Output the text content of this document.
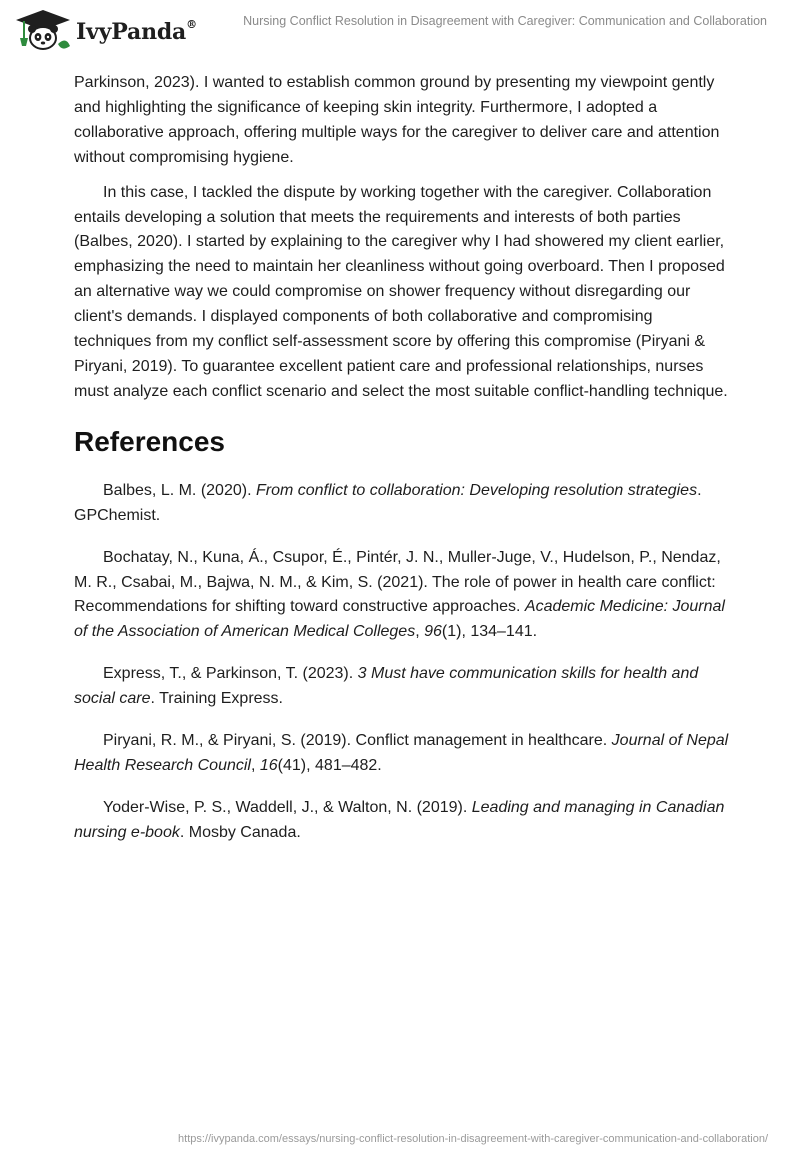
IvyPanda®	Nursing Conflict Resolution in Disagreement with Caregiver: Communication and Collaboration

Parkinson, 2023). I wanted to establish common ground by presenting my viewpoint gently and highlighting the significance of keeping skin integrity. Furthermore, I adopted a collaborative approach, offering multiple ways for the caregiver to deliver care and attention without compromising hygiene.

In this case, I tackled the dispute by working together with the caregiver. Collaboration entails developing a solution that meets the requirements and interests of both parties (Balbes, 2020). I started by explaining to the caregiver why I had showered my client earlier, emphasizing the need to maintain her cleanliness without going overboard. Then I proposed an alternative way we could compromise on shower frequency without disregarding our client's demands. I displayed components of both collaborative and compromising techniques from my conflict self-assessment score by offering this compromise (Piryani & Piryani, 2019). To guarantee excellent patient care and professional relationships, nurses must analyze each conflict scenario and select the most suitable conflict-handling technique.

References

Balbes, L. M. (2020). From conflict to collaboration: Developing resolution strategies. GPChemist.

Bochatay, N., Kuna, Á., Csupor, É., Pintér, J. N., Muller-Juge, V., Hudelson, P., Nendaz, M. R., Csabai, M., Bajwa, N. M., & Kim, S. (2021). The role of power in health care conflict: Recommendations for shifting toward constructive approaches. Academic Medicine: Journal of the Association of American Medical Colleges, 96(1), 134–141.

Express, T., & Parkinson, T. (2023). 3 Must have communication skills for health and social care. Training Express.

Piryani, R. M., & Piryani, S. (2019). Conflict management in healthcare. Journal of Nepal Health Research Council, 16(41), 481–482.

Yoder-Wise, P. S., Waddell, J., & Walton, N. (2019). Leading and managing in Canadian nursing e-book. Mosby Canada.

https://ivypanda.com/essays/nursing-conflict-resolution-in-disagreement-with-caregiver-communication-and-collaboration/
